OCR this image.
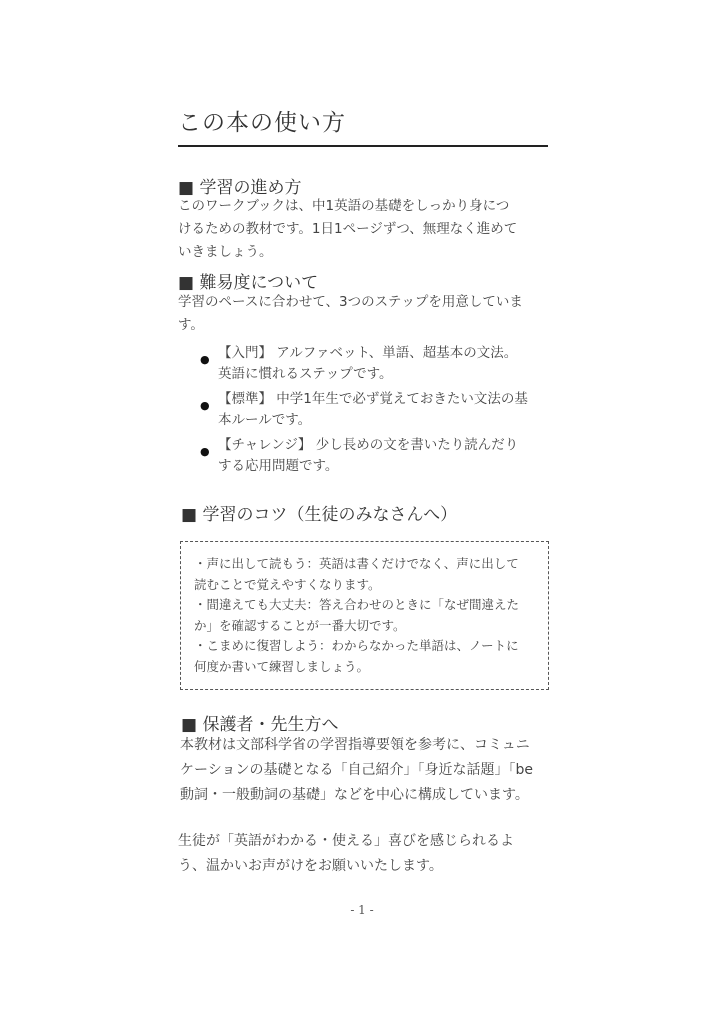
この本の使い方
■ 学習の進め方
このワークブックは、中1英語の基礎をしっかり身につ
けるための教材です。1日1ページずつ、無理なく進めて
いきましょう。
■ 難易度について
学習のペースに合わせて、3つのステップを用意していま
す。
● 【入門】 アルファベット、単語、超基本の文法。
英語に慣れるステップです。
● 【標準】 中学1年生で必ず覚えておきたい文法の基
本ルールです。
● 【チャレンジ】 少し長めの文を書いたり読んだり
する応用問題です。
■ 学習のコツ（生徒のみなさんへ）
・声に出して読もう：英語は書くだけでなく、声に出して
読むことで覚えやすくなります。
・間違えても大丈夫：答え合わせのときに「なぜ間違えた
か」を確認することが一番大切です。
・こまめに復習しよう：わからなかった単語は、ノートに
何度か書いて練習しましょう。
■ 保護者・先生方へ
本教材は文部科学省の学習指導要領を参考に、コミュニ
ケーションの基礎となる「自己紹介」「身近な話題」「be
動詞・一般動詞の基礎」などを中心に構成しています。
生徒が「英語がわかる・使える」喜びを感じられるよ
う、温かいお声がけをお願いいたします。
- 1 -
